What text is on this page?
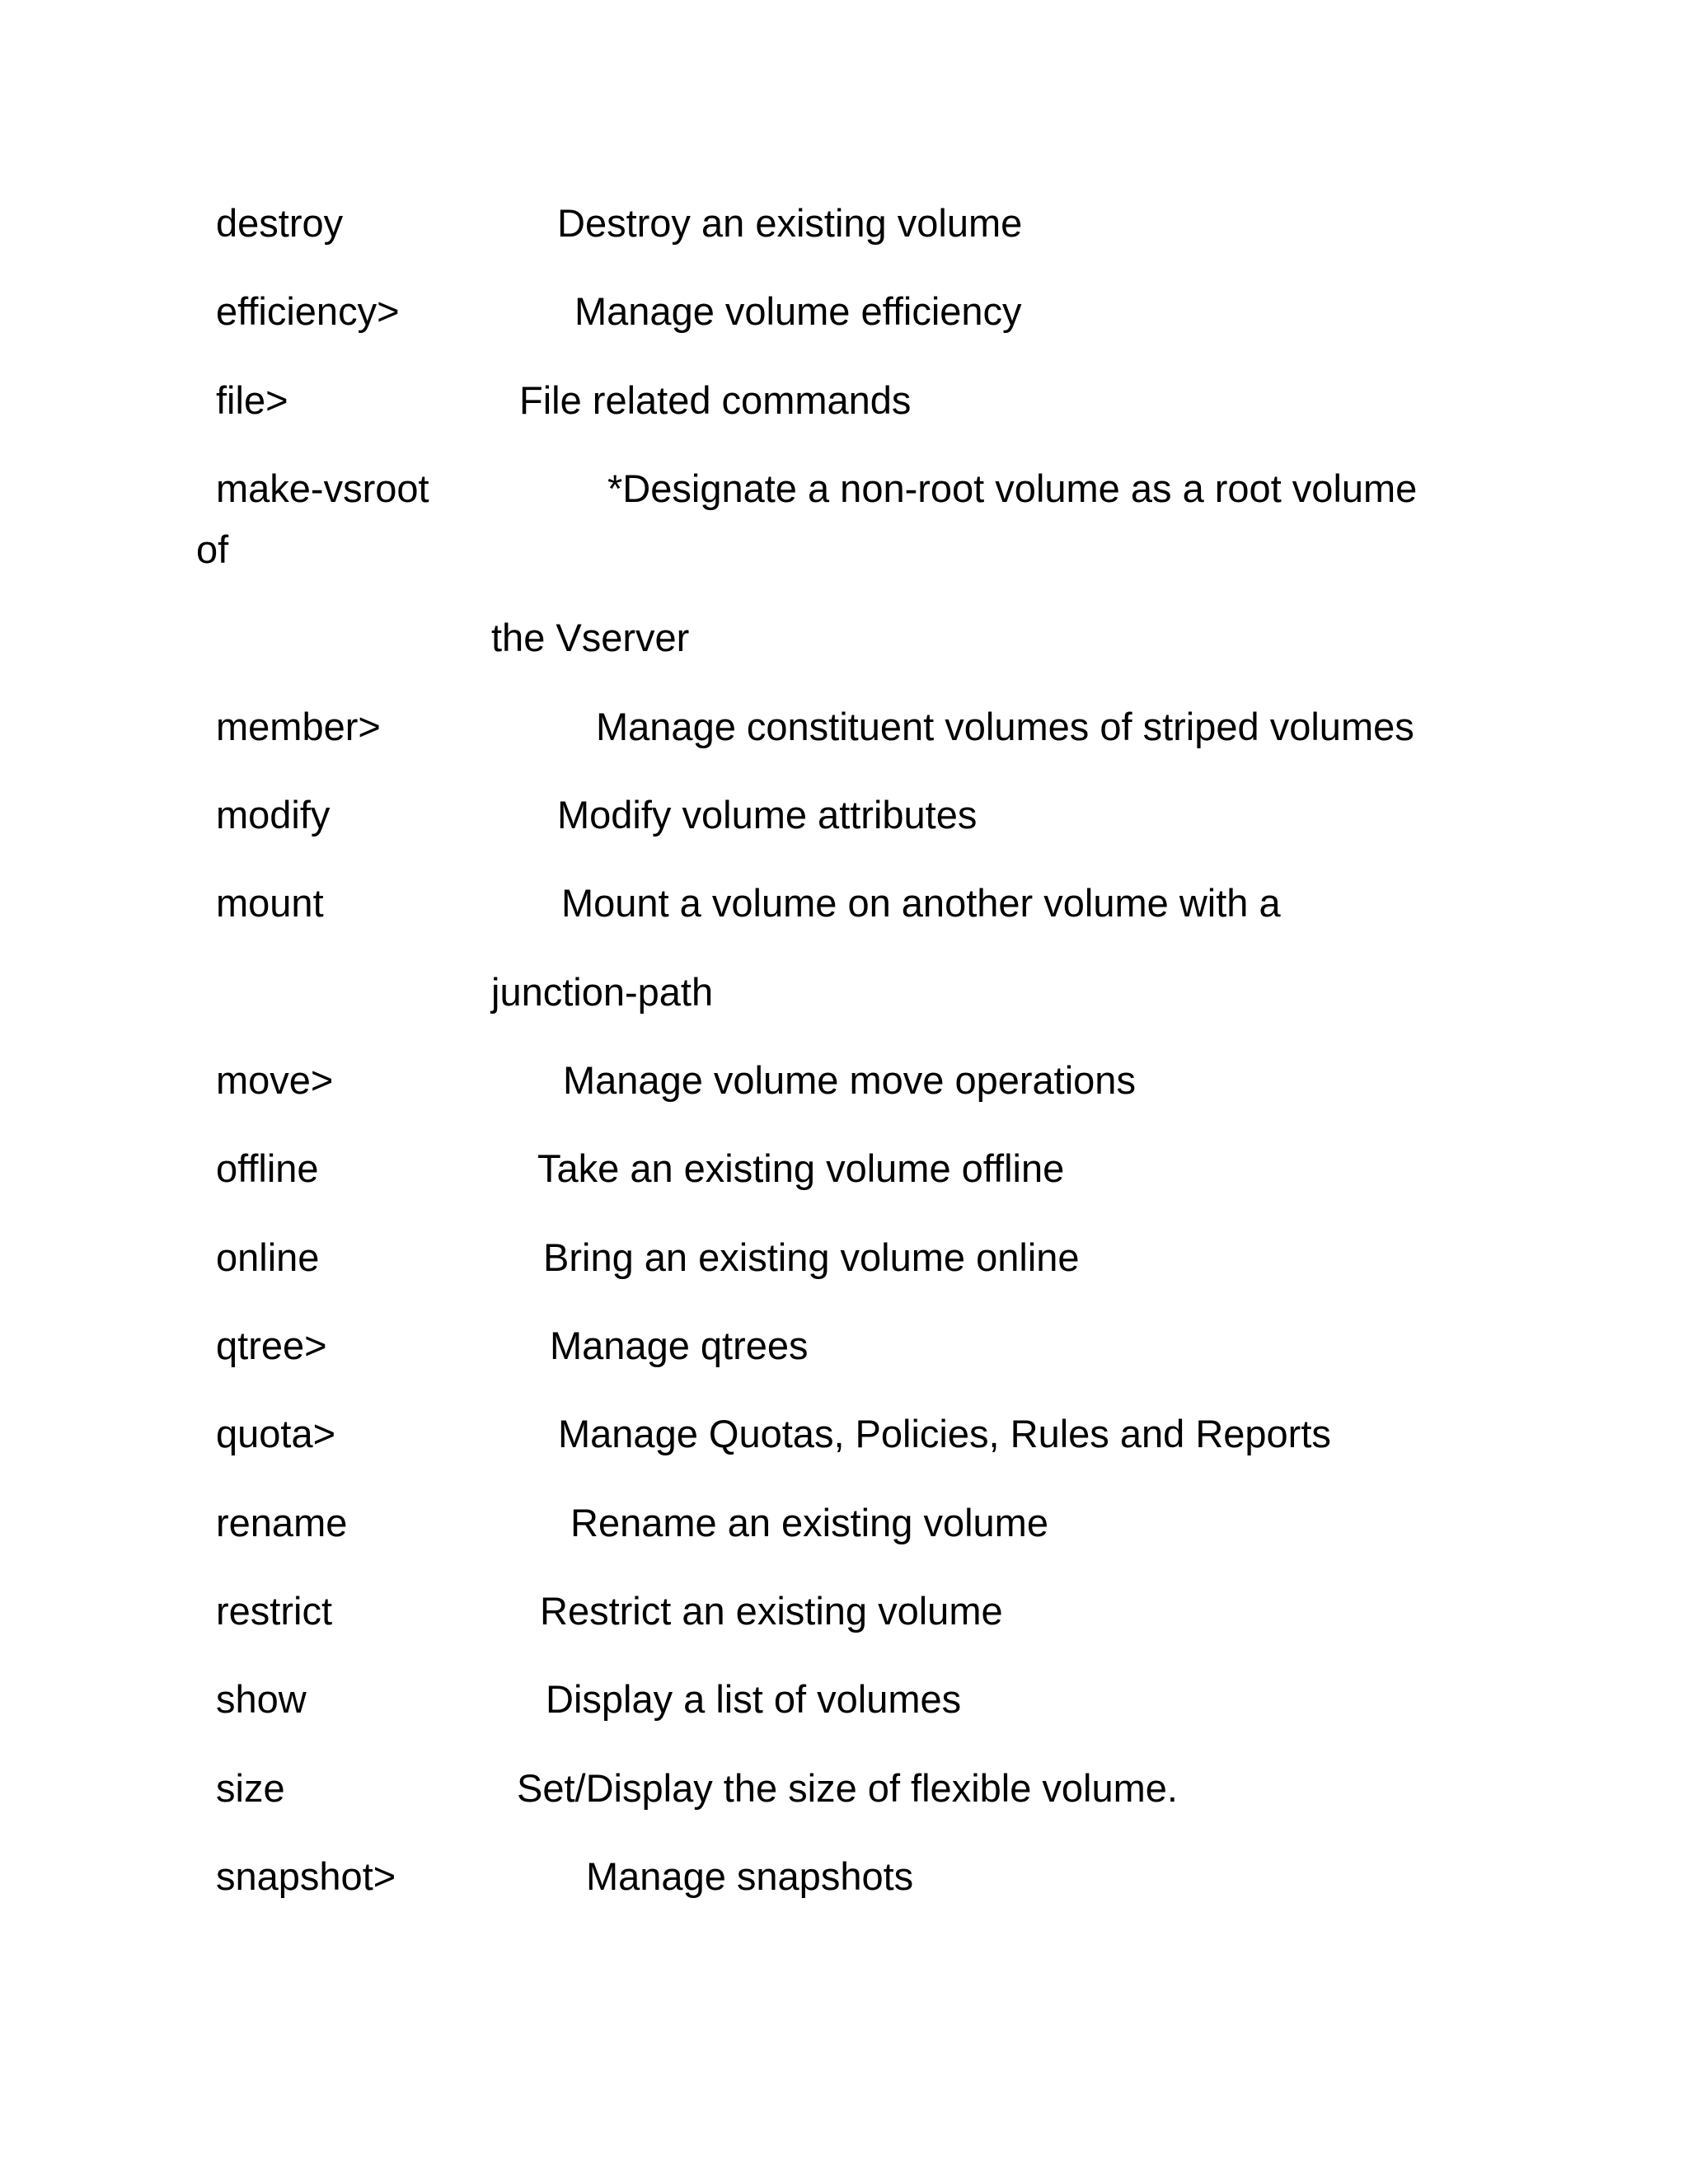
destroy	Destroy an existing volume
efficiency>	Manage volume efficiency
file>	File related commands
make-vsroot	*Designate a non-root volume as a root volume
of
the Vserver
member>	Manage constituent volumes of striped volumes
modify	Modify volume attributes
mount	Mount a volume on another volume with a
junction-path
move>	Manage volume move operations
offline	Take an existing volume offline
online	Bring an existing volume online
qtree>	Manage qtrees
quota>	Manage Quotas, Policies, Rules and Reports
rename	Rename an existing volume
restrict	Restrict an existing volume
show	Display a list of volumes
size	Set/Display the size of flexible volume.
snapshot>	Manage snapshots
